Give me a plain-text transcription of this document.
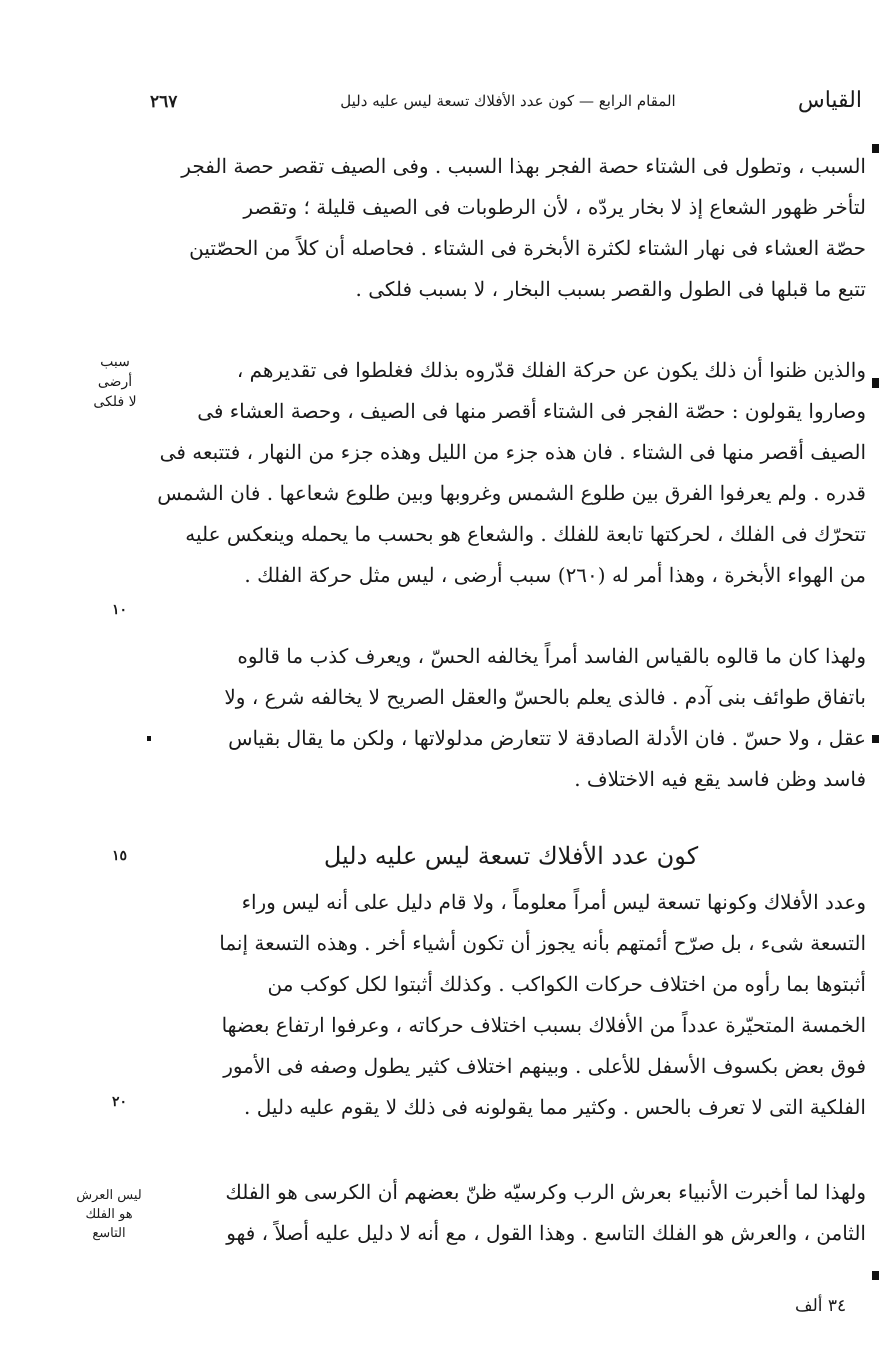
٢٦٧	المقام الرابع — كون عدد الأفلاك تسعة ليس عليه دليل	القياس
السبب ، وتطول فى الشتاء حصة الفجر بهذا السبب . وفى الصيف تقصر حصة الفجر
لتأخر ظهور الشعاع إذ لا بخار يردّه ، لأن الرطوبات فى الصيف قليلة ؛ وتقصر
حصّة العشاء فى نهار الشتاء لكثرة الأبخرة فى الشتاء . فحاصله أن كلاً من الحصّتين
تتبع ما قبلها فى الطول والقصر بسبب البخار ، لا بسبب فلكى .
والذين ظنوا أن ذلك يكون عن حركة الفلك قدّروه بذلك فغلطوا فى تقديرهم ،
وصاروا يقولون : حصّة الفجر فى الشتاء أقصر منها فى الصيف ، وحصة العشاء فى
الصيف أقصر منها فى الشتاء . فان هذه جزء من الليل وهذه جزء من النهار ، فتتبعه فى
قدره . ولم يعرفوا الفرق بين طلوع الشمس وغروبها وبين طلوع شعاعها . فان الشمس
تتحرّك فى الفلك ، لحركتها تابعة للفلك . والشعاع هو بحسب ما يحمله وينعكس عليه
من الهواء الأبخرة ، وهذا أمر له (٢٦٠) سبب أرضى ، ليس مثل حركة الفلك .
ولهذا كان ما قالوه بالقياس الفاسد أمراً يخالفه الحسّ ، ويعرف كذب ما قالوه
باتفاق طوائف بنى آدم . فالذى يعلم بالحسّ والعقل الصريح لا يخالفه شرع ، ولا
عقل ، ولا حسّ . فان الأدلة الصادقة لا تتعارض مدلولاتها ، ولكن ما يقال بقياس
فاسد وظن فاسد يقع فيه الاختلاف .
كون عدد الأفلاك تسعة ليس عليه دليل
وعدد الأفلاك وكونها تسعة ليس أمراً معلوماً ، ولا قام دليل على أنه ليس وراء
التسعة شىء ، بل صرّح أئمتهم بأنه يجوز أن تكون أشياء أخر . وهذه التسعة إنما
أثبتوها بما رأوه من اختلاف حركات الكواكب . وكذلك أثبتوا لكل كوكب من
الخمسة المتحيّرة عدداً من الأفلاك بسبب اختلاف حركاته ، وعرفوا ارتفاع بعضها
فوق بعض بكسوف الأسفل للأعلى . وبينهم اختلاف كثير يطول وصفه فى الأمور
الفلكية التى لا تعرف بالحس . وكثير مما يقولونه فى ذلك لا يقوم عليه دليل .
ولهذا لما أخبرت الأنبياء بعرش الرب وكرسيّه ظنّ بعضهم أن الكرسى هو الفلك
الثامن ، والعرش هو الفلك التاسع . وهذا القول ، مع أنه لا دليل عليه أصلاً ، فهو
سبب
أرضى
لا فلكى
ليس العرش
هو الفلك
التاسع
١٠
١٥
٢٠
٣٤ ألف
